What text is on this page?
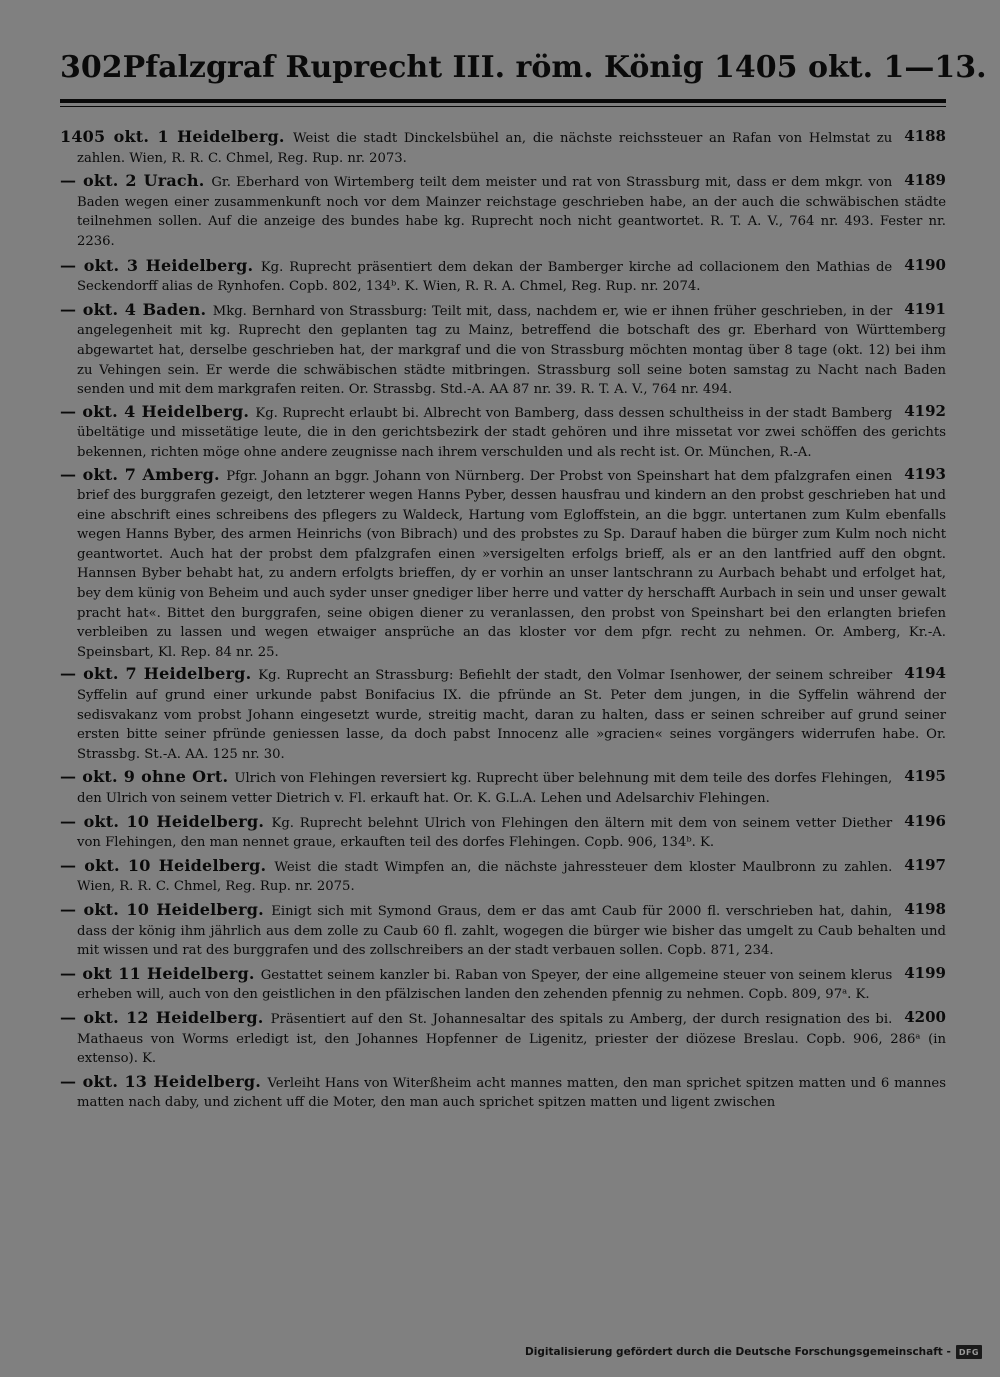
302 Pfalzgraf Ruprecht III. röm. König 1405 okt. 1—13.
4188
1405 okt. 1 Heidelberg. Weist die stadt Dinckelsbühel an, die nächste reichssteuer an Rafan von Helmstat zu zahlen. Wien, R. R. C. Chmel, Reg. Rup. nr. 2073.
4189
— okt. 2 Urach. Gr. Eberhard von Wirtemberg teilt dem meister und rat von Strassburg mit, dass er dem mkgr. von Baden wegen einer zusammenkunft noch vor dem Mainzer reichstage geschrieben habe, an der auch die schwäbischen städte teilnehmen sollen. Auf die anzeige des bundes habe kg. Ruprecht noch nicht geantwortet. R. T. A. V., 764 nr. 493. Fester nr. 2236.
4190
— okt. 3 Heidelberg. Kg. Ruprecht präsentiert dem dekan der Bamberger kirche ad collacionem den Mathias de Seckendorff alias de Rynhofen. Copb. 802, 134ᵇ. K. Wien, R. R. A. Chmel, Reg. Rup. nr. 2074.
4191
— okt. 4 Baden. Mkg. Bernhard von Strassburg: Teilt mit, dass, nachdem er, wie er ihnen früher geschrieben, in der angelegenheit mit kg. Ruprecht den geplanten tag zu Mainz, betreffend die botschaft des gr. Eberhard von Württemberg abgewartet hat, derselbe geschrieben hat, der markgraf und die von Strassburg möchten montag über 8 tage (okt. 12) bei ihm zu Vehingen sein. Er werde die schwäbischen städte mitbringen. Strassburg soll seine boten samstag zu Nacht nach Baden senden und mit dem markgrafen reiten. Or. Strassbg. Std.-A. AA 87 nr. 39. R. T. A. V., 764 nr. 494.
4192
— okt. 4 Heidelberg. Kg. Ruprecht erlaubt bi. Albrecht von Bamberg, dass dessen schultheiss in der stadt Bamberg übeltätige und missetätige leute, die in den gerichtsbezirk der stadt gehören und ihre missetat vor zwei schöffen des gerichts bekennen, richten möge ohne andere zeugnisse nach ihrem verschulden und als recht ist. Or. München, R.-A.
4193
— okt. 7 Amberg. Pfgr. Johann an bggr. Johann von Nürnberg. Der Probst von Speinshart hat dem pfalzgrafen einen brief des burggrafen gezeigt, den letzterer wegen Hanns Pyber, dessen hausfrau und kindern an den probst geschrieben hat und eine abschrift eines schreibens des pflegers zu Waldeck, Hartung vom Egloffstein, an die bggr. untertanen zum Kulm ebenfalls wegen Hanns Byber, des armen Heinrichs (von Bibrach) und des probstes zu Sp. Darauf haben die bürger zum Kulm noch nicht geantwortet. Auch hat der probst dem pfalzgrafen einen »versigelten erfolgs brieff, als er an den lantfried auff den obgnt. Hannsen Byber behabt hat, zu andern erfolgts brieffen, dy er vorhin an unser lantschrann zu Aurbach behabt und erfolget hat, bey dem künig von Beheim und auch syder unser gnediger liber herre und vatter dy herschafft Aurbach in sein und unser gewalt pracht hat«. Bittet den burggrafen, seine obigen diener zu veranlassen, den probst von Speinshart bei den erlangten briefen verbleiben zu lassen und wegen etwaiger ansprüche an das kloster vor dem pfgr. recht zu nehmen. Or. Amberg, Kr.-A. Speinsbart, Kl. Rep. 84 nr. 25.
4194
— okt. 7 Heidelberg. Kg. Ruprecht an Strassburg: Befiehlt der stadt, den Volmar Isenhower, der seinem schreiber Syffelin auf grund einer urkunde pabst Bonifacius IX. die pfründe an St. Peter dem jungen, in die Syffelin während der sedisvakanz vom probst Johann eingesetzt wurde, streitig macht, daran zu halten, dass er seinen schreiber auf grund seiner ersten bitte seiner pfründe geniessen lasse, da doch pabst Innocenz alle »gracien« seines vorgängers widerrufen habe. Or. Strassbg. St.-A. AA. 125 nr. 30.
4195
— okt. 9 ohne Ort. Ulrich von Flehingen reversiert kg. Ruprecht über belehnung mit dem teile des dorfes Flehingen, den Ulrich von seinem vetter Dietrich v. Fl. erkauft hat. Or. K. G.L.A. Lehen und Adelsarchiv Flehingen.
4196
— okt. 10 Heidelberg. Kg. Ruprecht belehnt Ulrich von Flehingen den ältern mit dem von seinem vetter Diether von Flehingen, den man nennet graue, erkauften teil des dorfes Flehingen. Copb. 906, 134ᵇ. K.
4197
— okt. 10 Heidelberg. Weist die stadt Wimpfen an, die nächste jahressteuer dem kloster Maulbronn zu zahlen. Wien, R. R. C. Chmel, Reg. Rup. nr. 2075.
4198
— okt. 10 Heidelberg. Einigt sich mit Symond Graus, dem er das amt Caub für 2000 fl. verschrieben hat, dahin, dass der könig ihm jährlich aus dem zolle zu Caub 60 fl. zahlt, wogegen die bürger wie bisher das umgelt zu Caub behalten und mit wissen und rat des burggrafen und des zollschreibers an der stadt verbauen sollen. Copb. 871, 234.
4199
— okt 11 Heidelberg. Gestattet seinem kanzler bi. Raban von Speyer, der eine allgemeine steuer von seinem klerus erheben will, auch von den geistlichen in den pfälzischen landen den zehenden pfennig zu nehmen. Copb. 809, 97ᵃ. K.
4200
— okt. 12 Heidelberg. Präsentiert auf den St. Johannesaltar des spitals zu Amberg, der durch resignation des bi. Mathaeus von Worms erledigt ist, den Johannes Hopfenner de Ligenitz, priester der diözese Breslau. Copb. 906, 286ᵃ (in extenso). K.
— okt. 13 Heidelberg. Verleiht Hans von Witerßheim acht mannes matten, den man sprichet spitzen matten und 6 mannes matten nach daby, und zichent uff die Moter, den man auch sprichet spitzen matten und ligent zwischen
Digitalisierung gefördert durch die Deutsche Forschungsgemeinschaft -	DFG
